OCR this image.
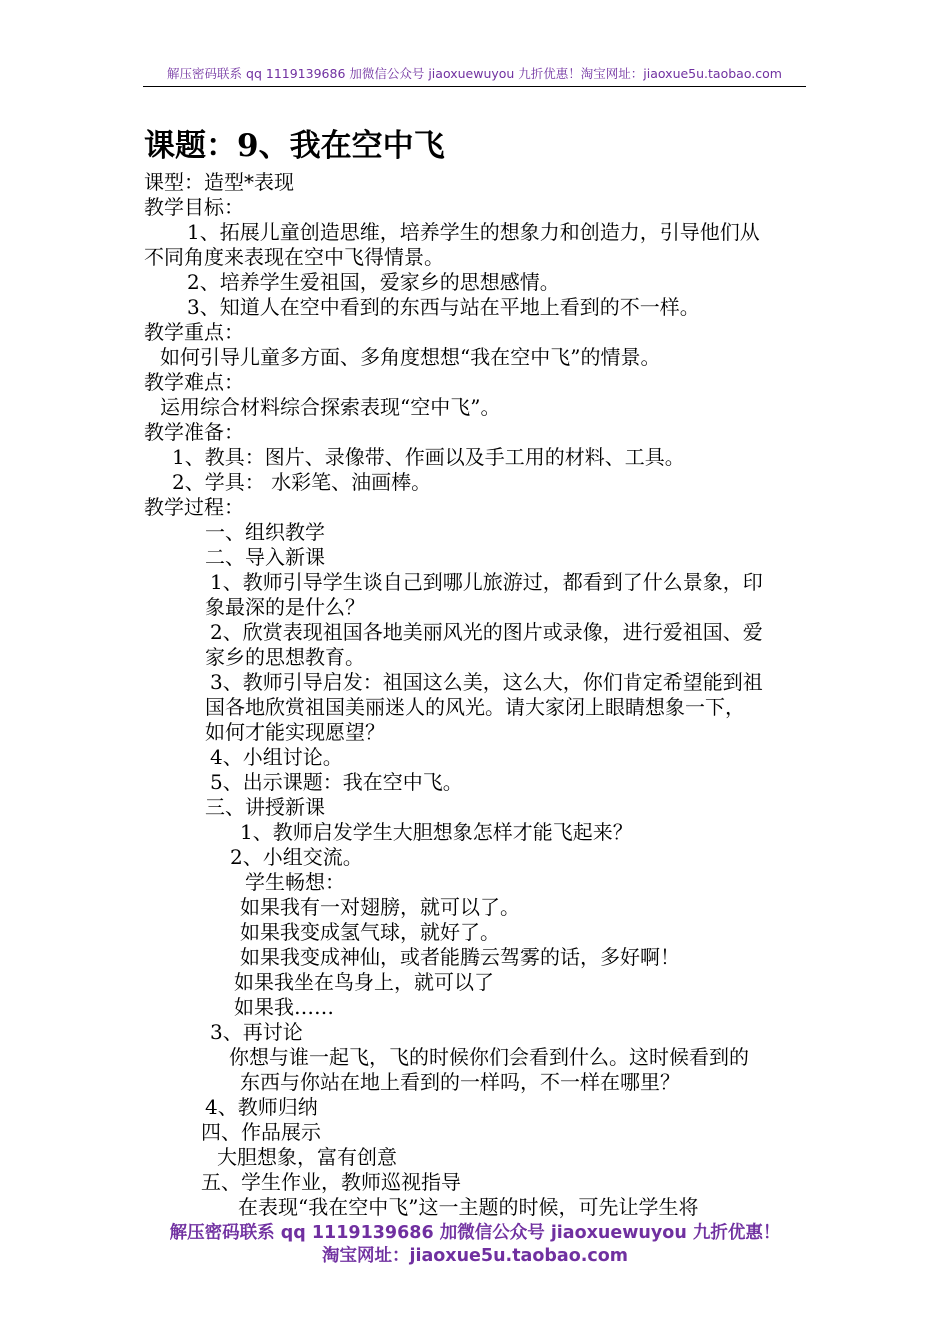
解压密码联系 qq 1119139686 加微信公众号 jiaoxuewuyou 九折优惠！淘宝网址：jiaoxue5u.taobao.com
课题：9、我在空中飞
课型：造型*表现
教学目标：
1、拓展儿童创造思维，培养学生的想象力和创造力，引导他们从
不同角度来表现在空中飞得情景。
2、培养学生爱祖国，爱家乡的思想感情。
3、知道人在空中看到的东西与站在平地上看到的不一样。
教学重点：
如何引导儿童多方面、多角度想想“我在空中飞”的情景。
教学难点：
运用综合材料综合探索表现“空中飞”。
教学准备：
1、教具：图片、录像带、作画以及手工用的材料、工具。
2、学具： 水彩笔、油画棒。
教学过程：
一、组织教学
二、导入新课
1、教师引导学生谈自己到哪儿旅游过，都看到了什么景象，印
象最深的是什么？
2、欣赏表现祖国各地美丽风光的图片或录像，进行爱祖国、爱
家乡的思想教育。
3、教师引导启发：祖国这么美，这么大，你们肯定希望能到祖
国各地欣赏祖国美丽迷人的风光。请大家闭上眼睛想象一下，
如何才能实现愿望？
4、小组讨论。
5、出示课题：我在空中飞。
三、讲授新课
1、教师启发学生大胆想象怎样才能飞起来？
2、小组交流。
学生畅想：
如果我有一对翅膀，就可以了。
如果我变成氢气球，就好了。
如果我变成神仙，或者能腾云驾雾的话，多好啊！
如果我坐在鸟身上，就可以了
如果我……
3、再讨论
你想与谁一起飞，飞的时候你们会看到什么。这时候看到的
东西与你站在地上看到的一样吗，不一样在哪里？
4、教师归纳
四、作品展示
大胆想象，富有创意
五、学生作业，教师巡视指导
在表现“我在空中飞”这一主题的时候，可先让学生将
解压密码联系 qq 1119139686 加微信公众号 jiaoxuewuyou 九折优惠！
淘宝网址：jiaoxue5u.taobao.com
